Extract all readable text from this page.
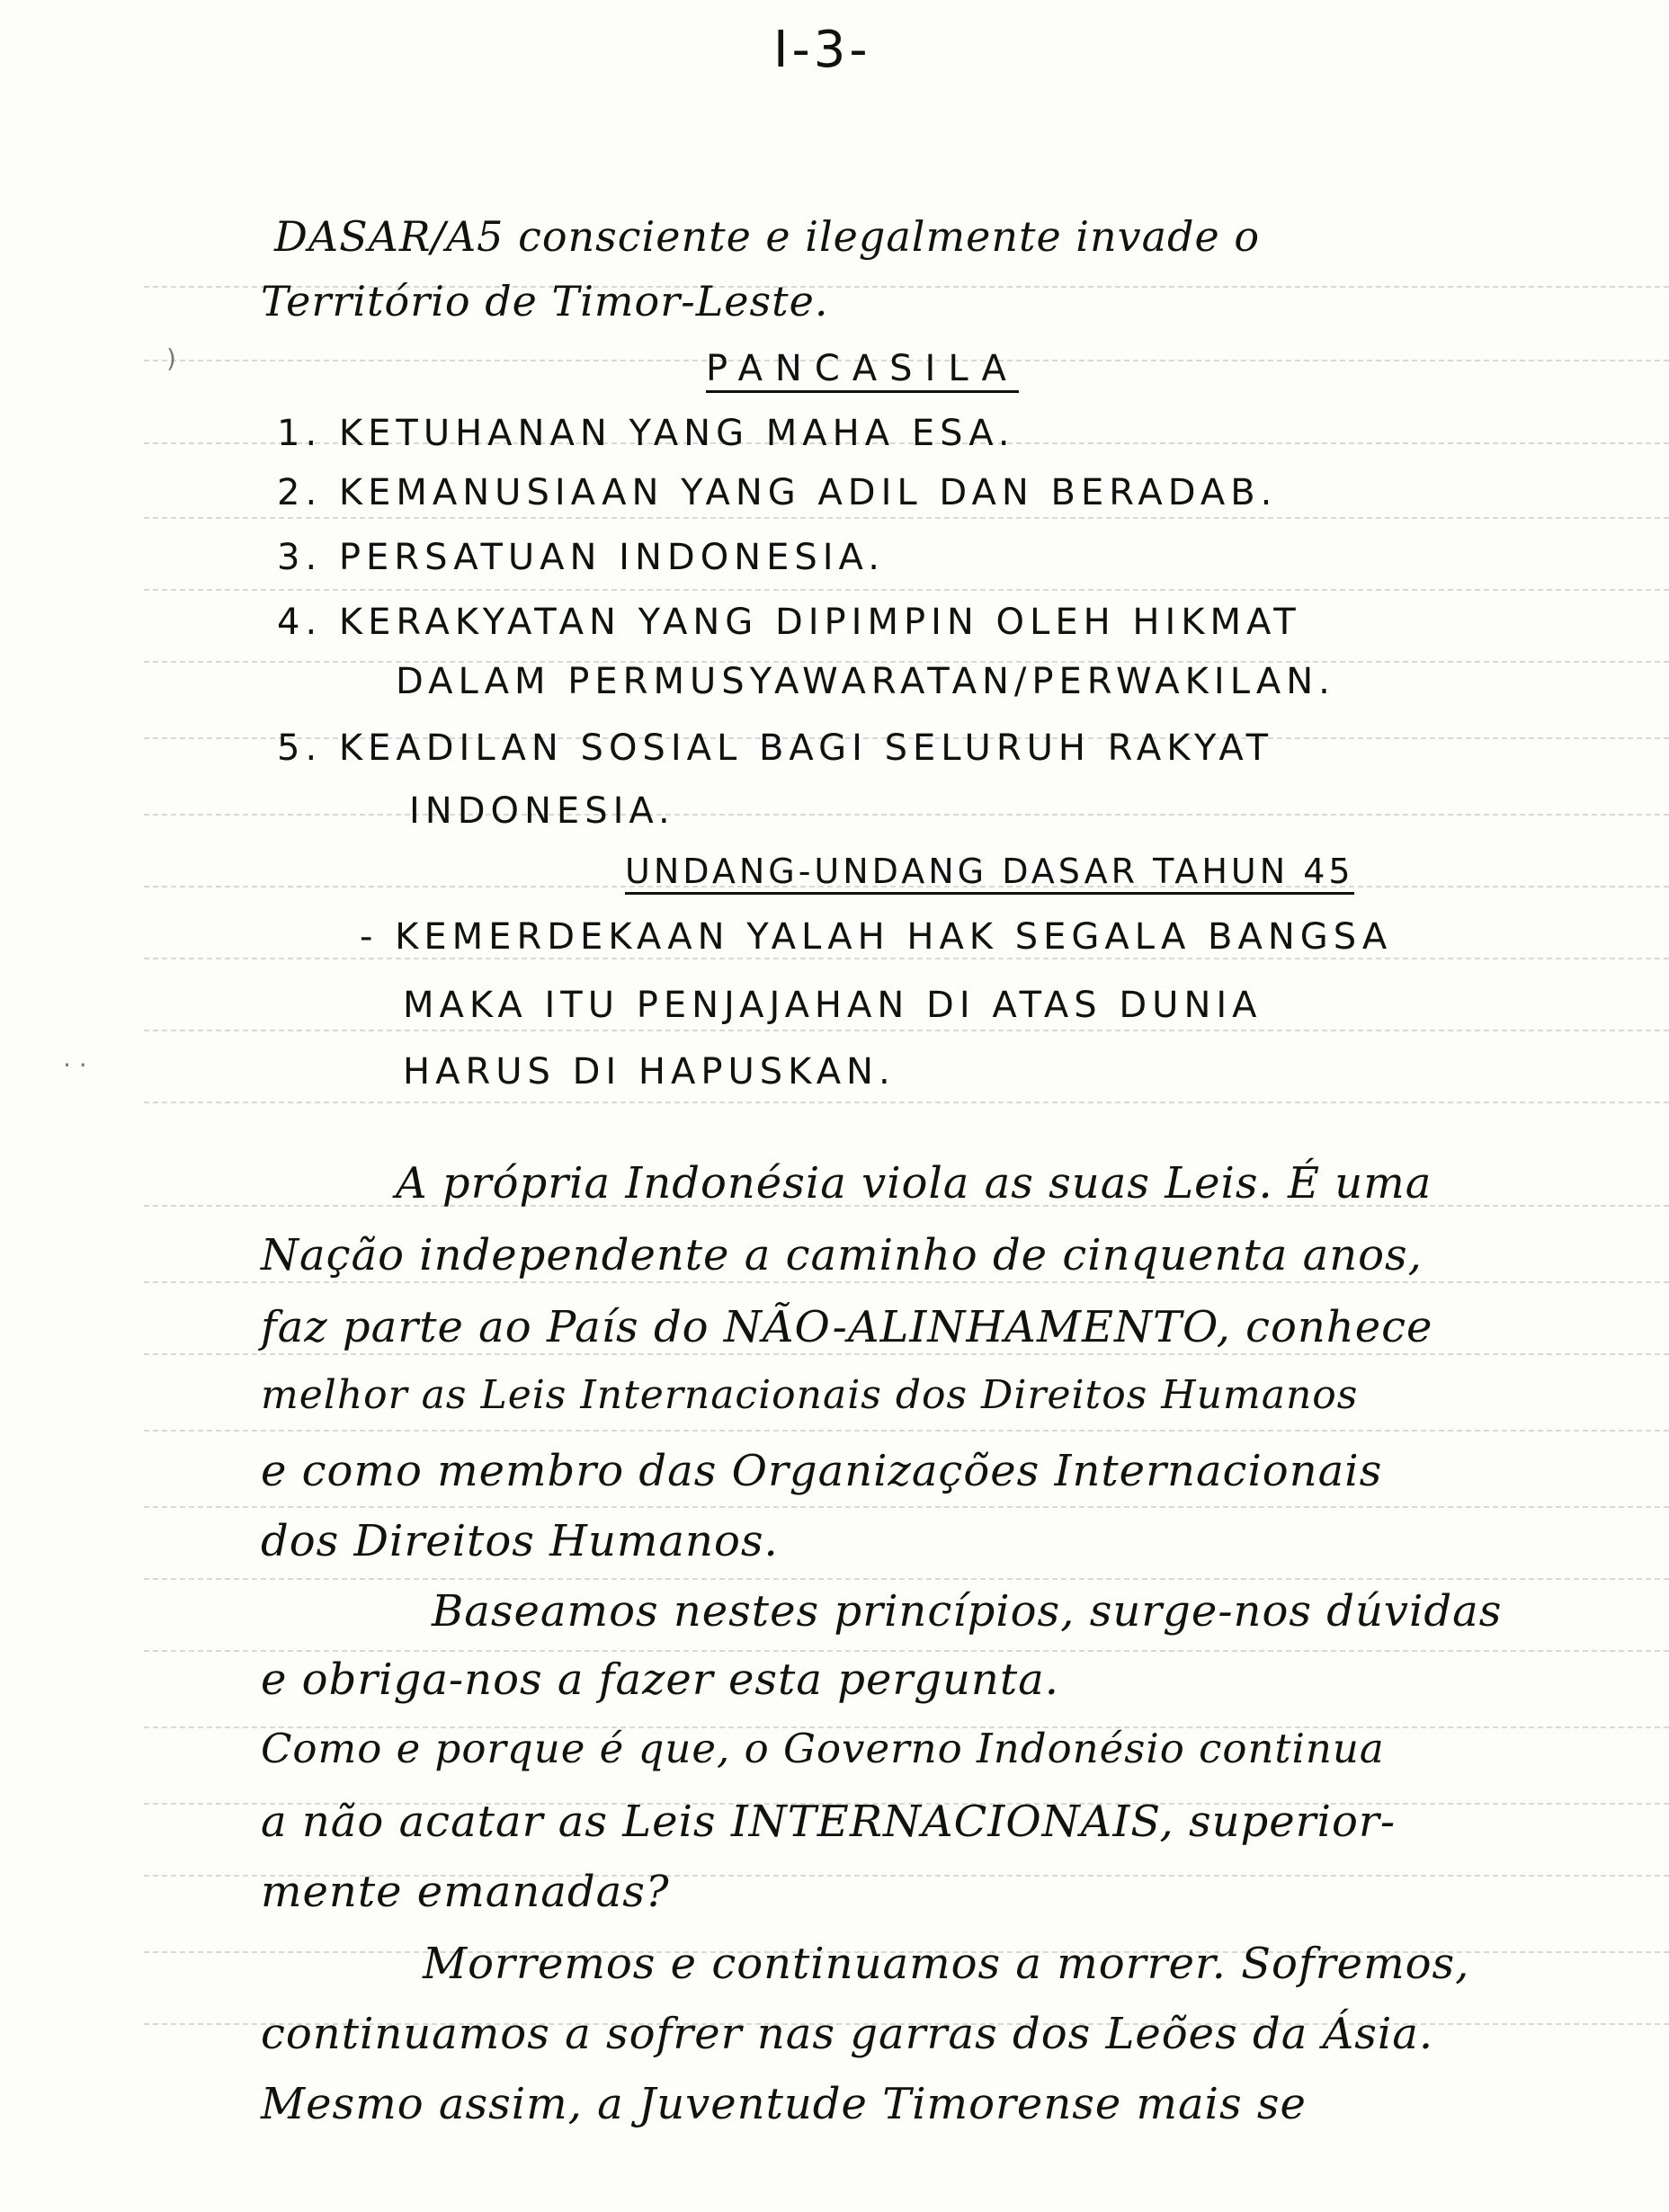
)
· ·
I-3-
DASAR/A5 consciente e ilegalmente invade o
Território de Timor-Leste.
PANCASILA
1. KETUHANAN YANG MAHA ESA.
2. KEMANUSIAAN YANG ADIL DAN BERADAB.
3. PERSATUAN INDONESIA.
4. KERAKYATAN YANG DIPIMPIN OLEH HIKMAT
DALAM PERMUSYAWARATAN/PERWAKILAN.
5. KEADILAN SOSIAL BAGI SELURUH RAKYAT
INDONESIA.
UNDANG-UNDANG DASAR TAHUN 45
- KEMERDEKAAN YALAH HAK SEGALA BANGSA
MAKA ITU PENJAJAHAN DI ATAS DUNIA
HARUS DI HAPUSKAN.
A própria Indonésia viola as suas Leis. É uma
Nação independente a caminho de cinquenta anos,
faz parte ao País do NÃO-ALINHAMENTO, conhece
melhor as Leis Internacionais dos Direitos Humanos
e como membro das Organizações Internacionais
dos Direitos Humanos.
Baseamos nestes princípios, surge-nos dúvidas
e obriga-nos a fazer esta pergunta.
Como e porque é que, o Governo Indonésio continua
a não acatar as Leis INTERNACIONAIS, superior-
mente emanadas?
Morremos e continuamos a morrer. Sofremos,
continuamos a sofrer nas garras dos Leões da Ásia.
Mesmo assim, a Juventude Timorense mais se
